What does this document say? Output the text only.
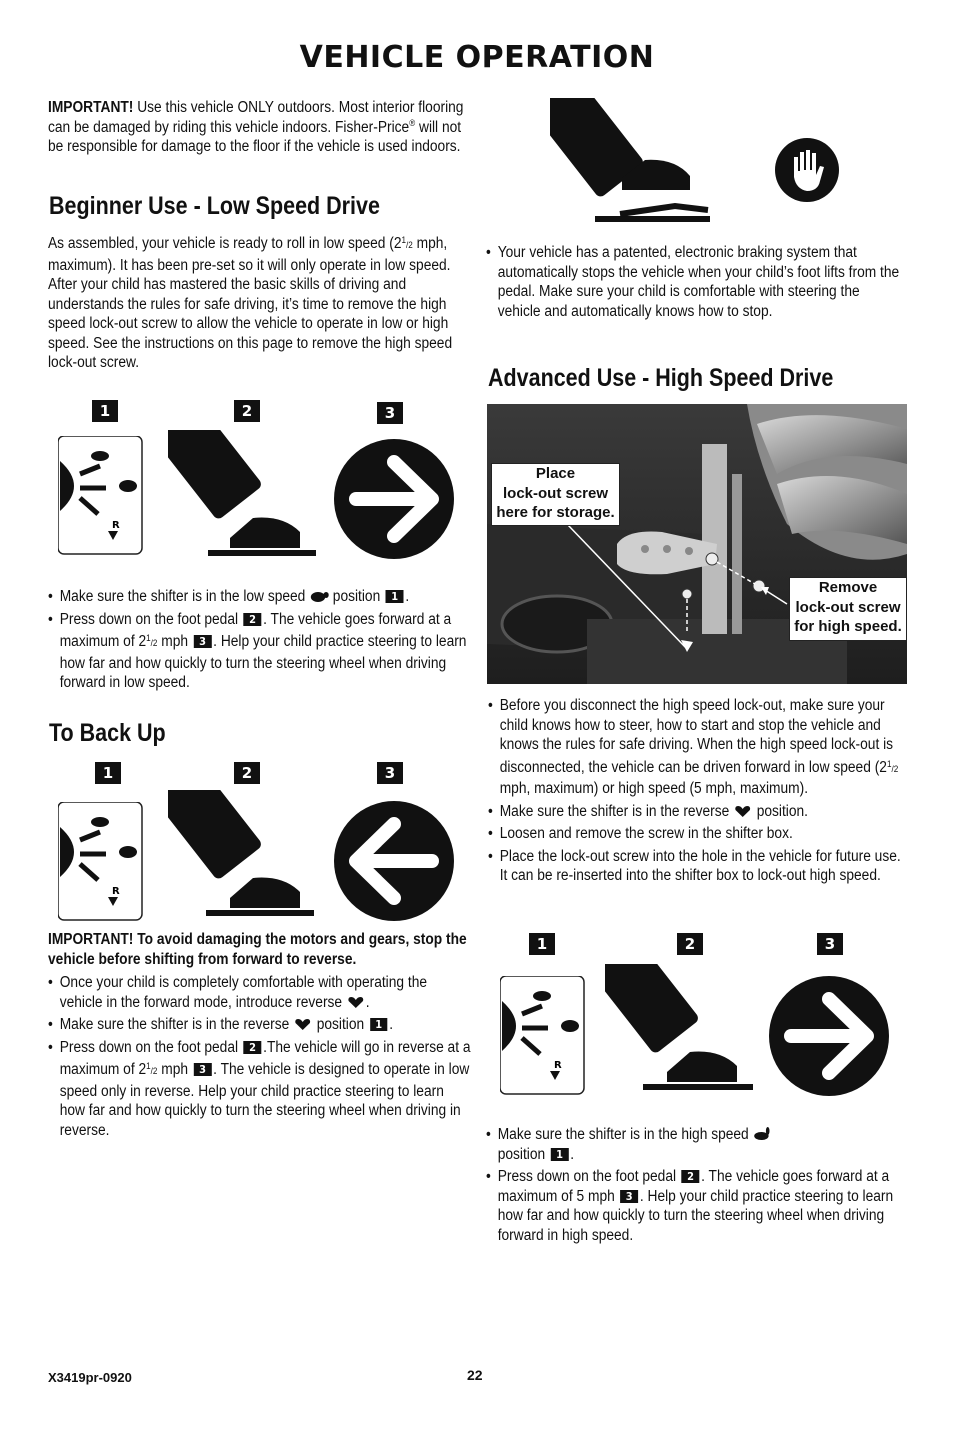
VEHICLE OPERATION
IMPORTANT! Use this vehicle ONLY outdoors. Most interior flooring can be damaged by riding this vehicle indoors. Fisher-Price® will not be responsible for damage to the floor if the vehicle is used indoors.
Beginner Use - Low Speed Drive
As assembled, your vehicle is ready to roll in low speed ($2^1/2$ mph, maximum). It has been pre-set so it will only operate in low speed. After your child has mastered the basic skills of driving and understands the rules for safe driving, it’s time to remove the high speed lock-out screw to allow the vehicle to operate in low or high speed. See the instructions on this page to remove the high speed lock-out screw.
1	2	3
R
• Make sure the shifter is in the low speed position 1 .
• Press down on the foot pedal 2 . The vehicle goes forward at a maximum of $2^1/2$ mph 3 . Help your child practice steering to learn how far and how quickly to turn the steering wheel when driving forward in low speed.
To Back Up
1	2	3
R
IMPORTANT! To avoid damaging the motors and gears, stop the vehicle before shifting from forward to reverse.
• Once your child is completely comfortable with operating the vehicle in the forward mode, introduce reverse .
• Make sure the shifter is in the reverse position 1 .
• Press down on the foot pedal 2 .The vehicle will go in reverse at a maximum of $2^1/2$ mph 3 . The vehicle is designed to operate in low speed only in reverse. Help your child practice steering to learn how far and how quickly to turn the steering wheel when driving in reverse.
• Your vehicle has a patented, electronic braking system that automatically stops the vehicle when your child’s foot lifts from the pedal. Make sure your child is comfortable with steering the vehicle and automatically knows how to stop.
Advanced Use - High Speed Drive
Place
lock-out screw
here for storage.
Remove
lock-out screw
for high speed.
• Before you disconnect the high speed lock-out, make sure your child knows how to steer, how to start and stop the vehicle and knows the rules for safe driving. When the high speed lock-out is disconnected, the vehicle can be driven forward in low speed ($2^1/2$ mph, maximum) or high speed (5 mph, maximum).
• Make sure the shifter is in the reverse position.
• Loosen and remove the screw in the shifter box.
• Place the lock-out screw into the hole in the vehicle for future use. It can be re-inserted into the shifter box to lock-out high speed.
1	2	3
R
• Make sure the shifter is in the high speed
position 1 .
• Press down on the foot pedal 2 . The vehicle goes forward at a maximum of 5 mph 3 . Help your child practice steering to learn how far and how quickly to turn the steering wheel when driving forward in high speed.
X3419pr-0920	22
